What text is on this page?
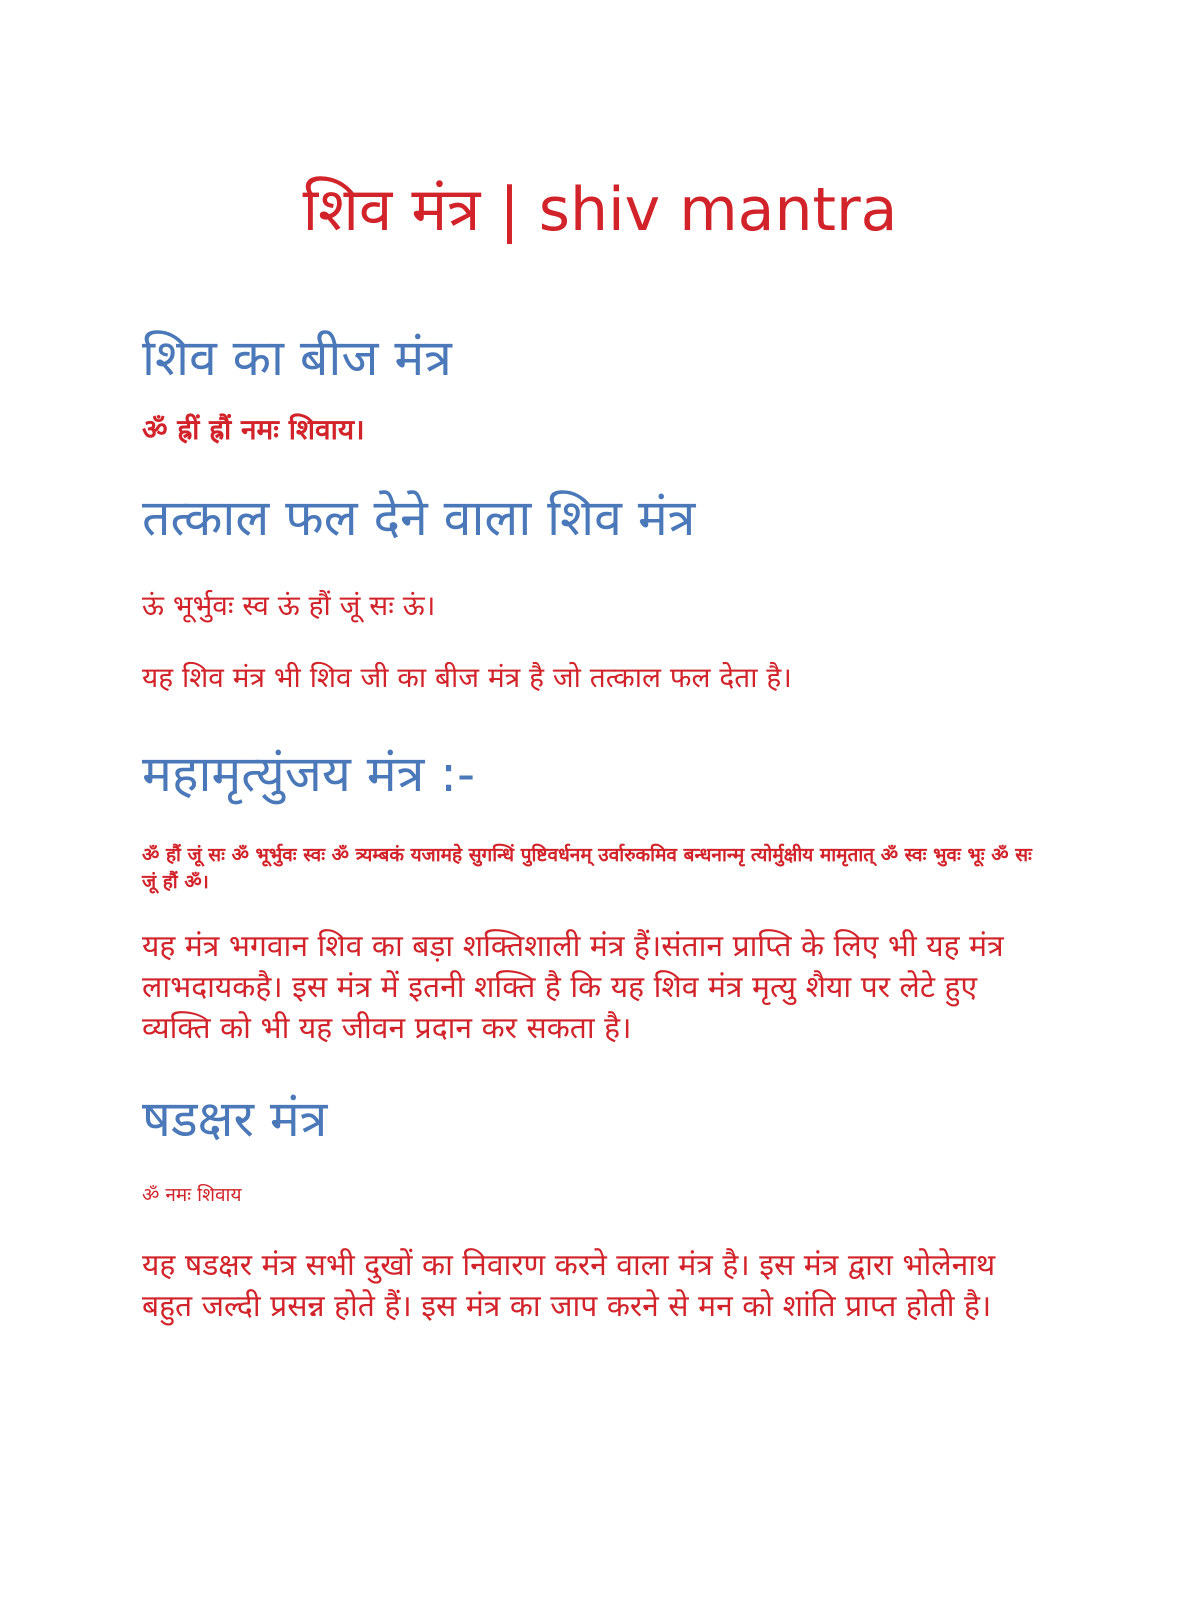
शिव मंत्र | shiv mantra
शिव का बीज मंत्र

ॐ ह्रीं ह्रौं नमः शिवाय।

तत्काल फल देने वाला शिव मंत्र

ऊं भूर्भुवः स्व ऊं हौं जूं सः ऊं।

यह शिव मंत्र भी शिव जी का बीज मंत्र है जो तत्काल फल देता है।

महामृत्युंजय मंत्र :-

ॐ हौं जूं सः ॐ भूर्भुवः स्वः ॐ त्र्यम्बकं यजामहे सुगन्धिं पुष्टिवर्धनम् उर्वारुकमिव बन्धनान्मृ त्योर्मुक्षीय मामृतात् ॐ स्वः भुवः भूः ॐ सः जूं हौं ॐ।

यह मंत्र भगवान शिव का बड़ा शक्तिशाली मंत्र हैं।संतान प्राप्ति के लिए भी यह मंत्र लाभदायकहै। इस मंत्र में इतनी शक्ति है कि यह शिव मंत्र मृत्यु शैया पर लेटे हुए व्यक्ति को भी यह जीवन प्रदान कर सकता है।

षडक्षर मंत्र

ॐ नमः शिवाय

यह षडक्षर मंत्र सभी दुखों का निवारण करने वाला मंत्र है। इस मंत्र द्वारा भोलेनाथ बहुत जल्दी प्रसन्न होते हैं। इस मंत्र का जाप करने से मन को शांति प्राप्त होती है।
